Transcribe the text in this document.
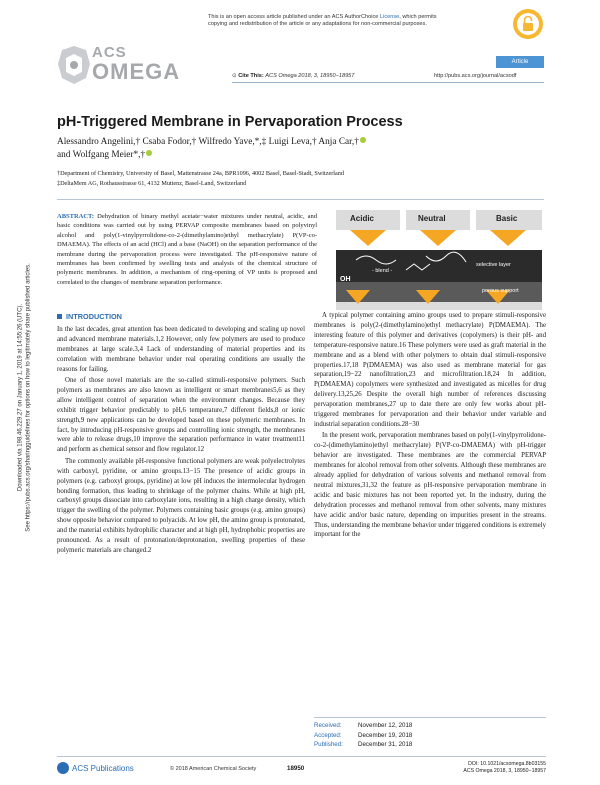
This is an open access article published under an ACS AuthorChoice License, which permits
copying and redistribution of the article or any adaptations for non-commercial purposes.
ACS
OMEGA	Article
⊙ Cite This: ACS Omega 2018, 3, 18950−18957	http://pubs.acs.org/journal/acsodf
pH-Triggered Membrane in Pervaporation Process
Alessandro Angelini,† Csaba Fodor,† Wilfredo Yave,*,‡ Luigi Leva,† Anja Car,†
and Wolfgang Meier*,†
†Department of Chemistry, University of Basel, Mattenstrasse 24a, BPR1096, 4002 Basel, Basel-Stadt, Switzerland
‡DeltaMem AG, Rothausstrasse 61, 4132 Muttenz, Basel-Land, Switzerland
ABSTRACT: Dehydration of binary methyl acetate−water mixtures under neutral, acidic, and basic conditions was carried out by using PERVAP composite membranes based on polyvinyl alcohol and poly(1-vinylpyrrolidone-co-2-(dimethylamino)ethyl methacrylate) P(VP-co-DMAEMA). The effects of an acid (HCl) and a base (NaOH) on the separation performance of the membrane during the pervaporation process were investigated. The pH-responsive nature of membranes has been confirmed by swelling tests and analysis of the chemical structure of polymeric membranes. In addition, a mechanism of ring-opening of VP units is proposed and correlated to the changes of membrane separation performance.
Acidic	Neutral	Basic
- blend -
selective layer
porous support
OH
INTRODUCTION

In the last decades, great attention has been dedicated to developing and scaling up novel and advanced membrane materials.1,2 However, only few polymers are used to produce membranes at large scale.3,4 Lack of understanding of material properties and its correlation with membrane behavior under real operating conditions are usually the reasons for failing.

One of those novel materials are the so-called stimuli-responsive polymers. Such polymers as membranes are also known as intelligent or smart membranes5,6 as they allow intelligent control of separation when the environment changes. Because they exhibit trigger behavior predictably to pH,6 temperature,7 different fields,8 or ionic strength,9 new applications can be developed based on these polymeric membranes. In fact, by introducing pH-responsive groups and controlling ionic strength, the membranes were able to release drugs,10 improve the separation performance in water treatment11 and perform as chemical sensor and flow regulator.12

The commonly available pH-responsive functional polymers are weak polyelectrolytes with carboxyl, pyridine, or amino groups.13−15 The presence of acidic groups in polymers (e.g. carboxyl groups, pyridine) at low pH induces the intermolecular hydrogen bonding formation, thus leading to shrinkage of the polymer chains. While at high pH, carboxyl groups dissociate into carboxylate ions, resulting in a high charge density, which trigger the swelling of the polymer. Polymers containing basic groups (e.g. amino groups) show opposite behavior compared to polyacids. At low pH, the amino group is protonated, and the material exhibits hydrophilic character and at high pH, hydrophobic properties are pronounced. As a result of protonation/deprotonation, swelling properties of these polymeric materials are changed.2

A typical polymer containing amino groups used to prepare stimuli-responsive membranes is poly(2-(dimethylamino)ethyl methacrylate) P(DMAEMA). The interesting feature of this polymer and derivatives (copolymers) is their pH- and temperature-responsive nature.16 These polymers were used as graft material in the membrane and as a blend with other polymers to obtain dual stimuli-responsive properties.17,18 P(DMAEMA) was also used as membrane material for gas separation,19−22 nanofiltration,23 and microfiltration.18,24 In addition, P(DMAEMA) copolymers were synthesized and investigated as micelles for drug delivery.13,25,26 Despite the overall high number of references discussing pervaporation membranes,27 up to date there are only few works about pH-triggered membranes for pervaporation and their behavior under variable and industrial separation conditions.28−30

In the present work, pervaporation membranes based on poly(1-vinylpyrrolidone-co-2-(dimethylamino)ethyl methacrylate) P(VP-co-DMAEMA) with pH-trigger behavior are investigated. These membranes are the commercial PERVAP membranes for alcohol removal from other solvents. Although these membranes are already applied for dehydration of various solvents and methanol removal from neutral mixtures,31,32 the feature as pH-responsive pervaporation membrane in acidic and basic mixtures has not been reported yet. In the industry, during the dehydration processes and methanol removal from other solvents, many mixtures have acidic and/or basic nature, depending on impurities present in the streams. Thus, understanding the membrane behavior under triggered conditions is extremely important for the

Received:	November 12, 2018
Accepted:	December 19, 2018
Published: December 31, 2018
ACS Publications	© 2018 American Chemical Society	18950
DOI: 10.1021/acsomega.8b03155
ACS Omega 2018, 3, 18950−18957
Downloaded via 198.46.229.27 on January 1, 2019 at 14:55:26 (UTC). See https://pubs.acs.org/sharingguidelines for options on how to legitimately share published articles.
